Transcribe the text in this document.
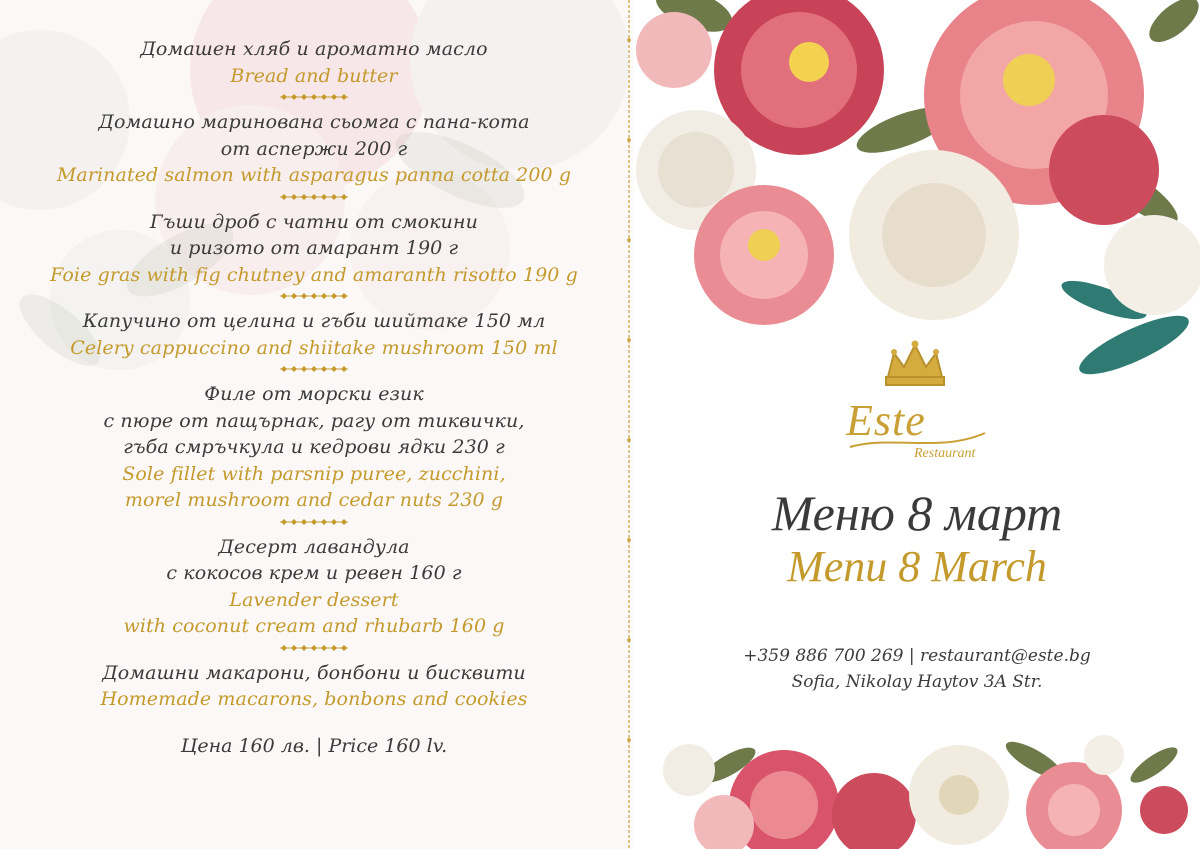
Домашен хляб и ароматно масло
Bread and butter
Домашно маринована сьомга с пана-кота
от аспержи 200 г
Marinated salmon with asparagus panna cotta 200 g
Гъши дроб с чатни от смокини
и ризото от амарант 190 г
Foie gras with fig chutney and amaranth risotto 190 g
Капучино от целина и гъби шийтаке 150 мл
Celery cappuccino and shiitake mushroom 150 ml
Филе от морски език
с пюре от пащърнак, рагу от тиквички,
гъба смръчкула и кедрови ядки 230 г
Sole fillet with parsnip puree, zucchini,
morel mushroom and cedar nuts 230 g
Десерт лавандула
с кокосов крем и ревен 160 г
Lavender dessert
with coconut cream and rhubarb 160 g
Домашни макарони, бонбони и бисквити
Homemade macarons, bonbons and cookies
Цена 160 лв. | Price 160 lv.
Este
Restaurant
Меню 8 март
Menu 8 March
+359 886 700 269 | restaurant@este.bg
Sofia, Nikolay Haytov 3A Str.
